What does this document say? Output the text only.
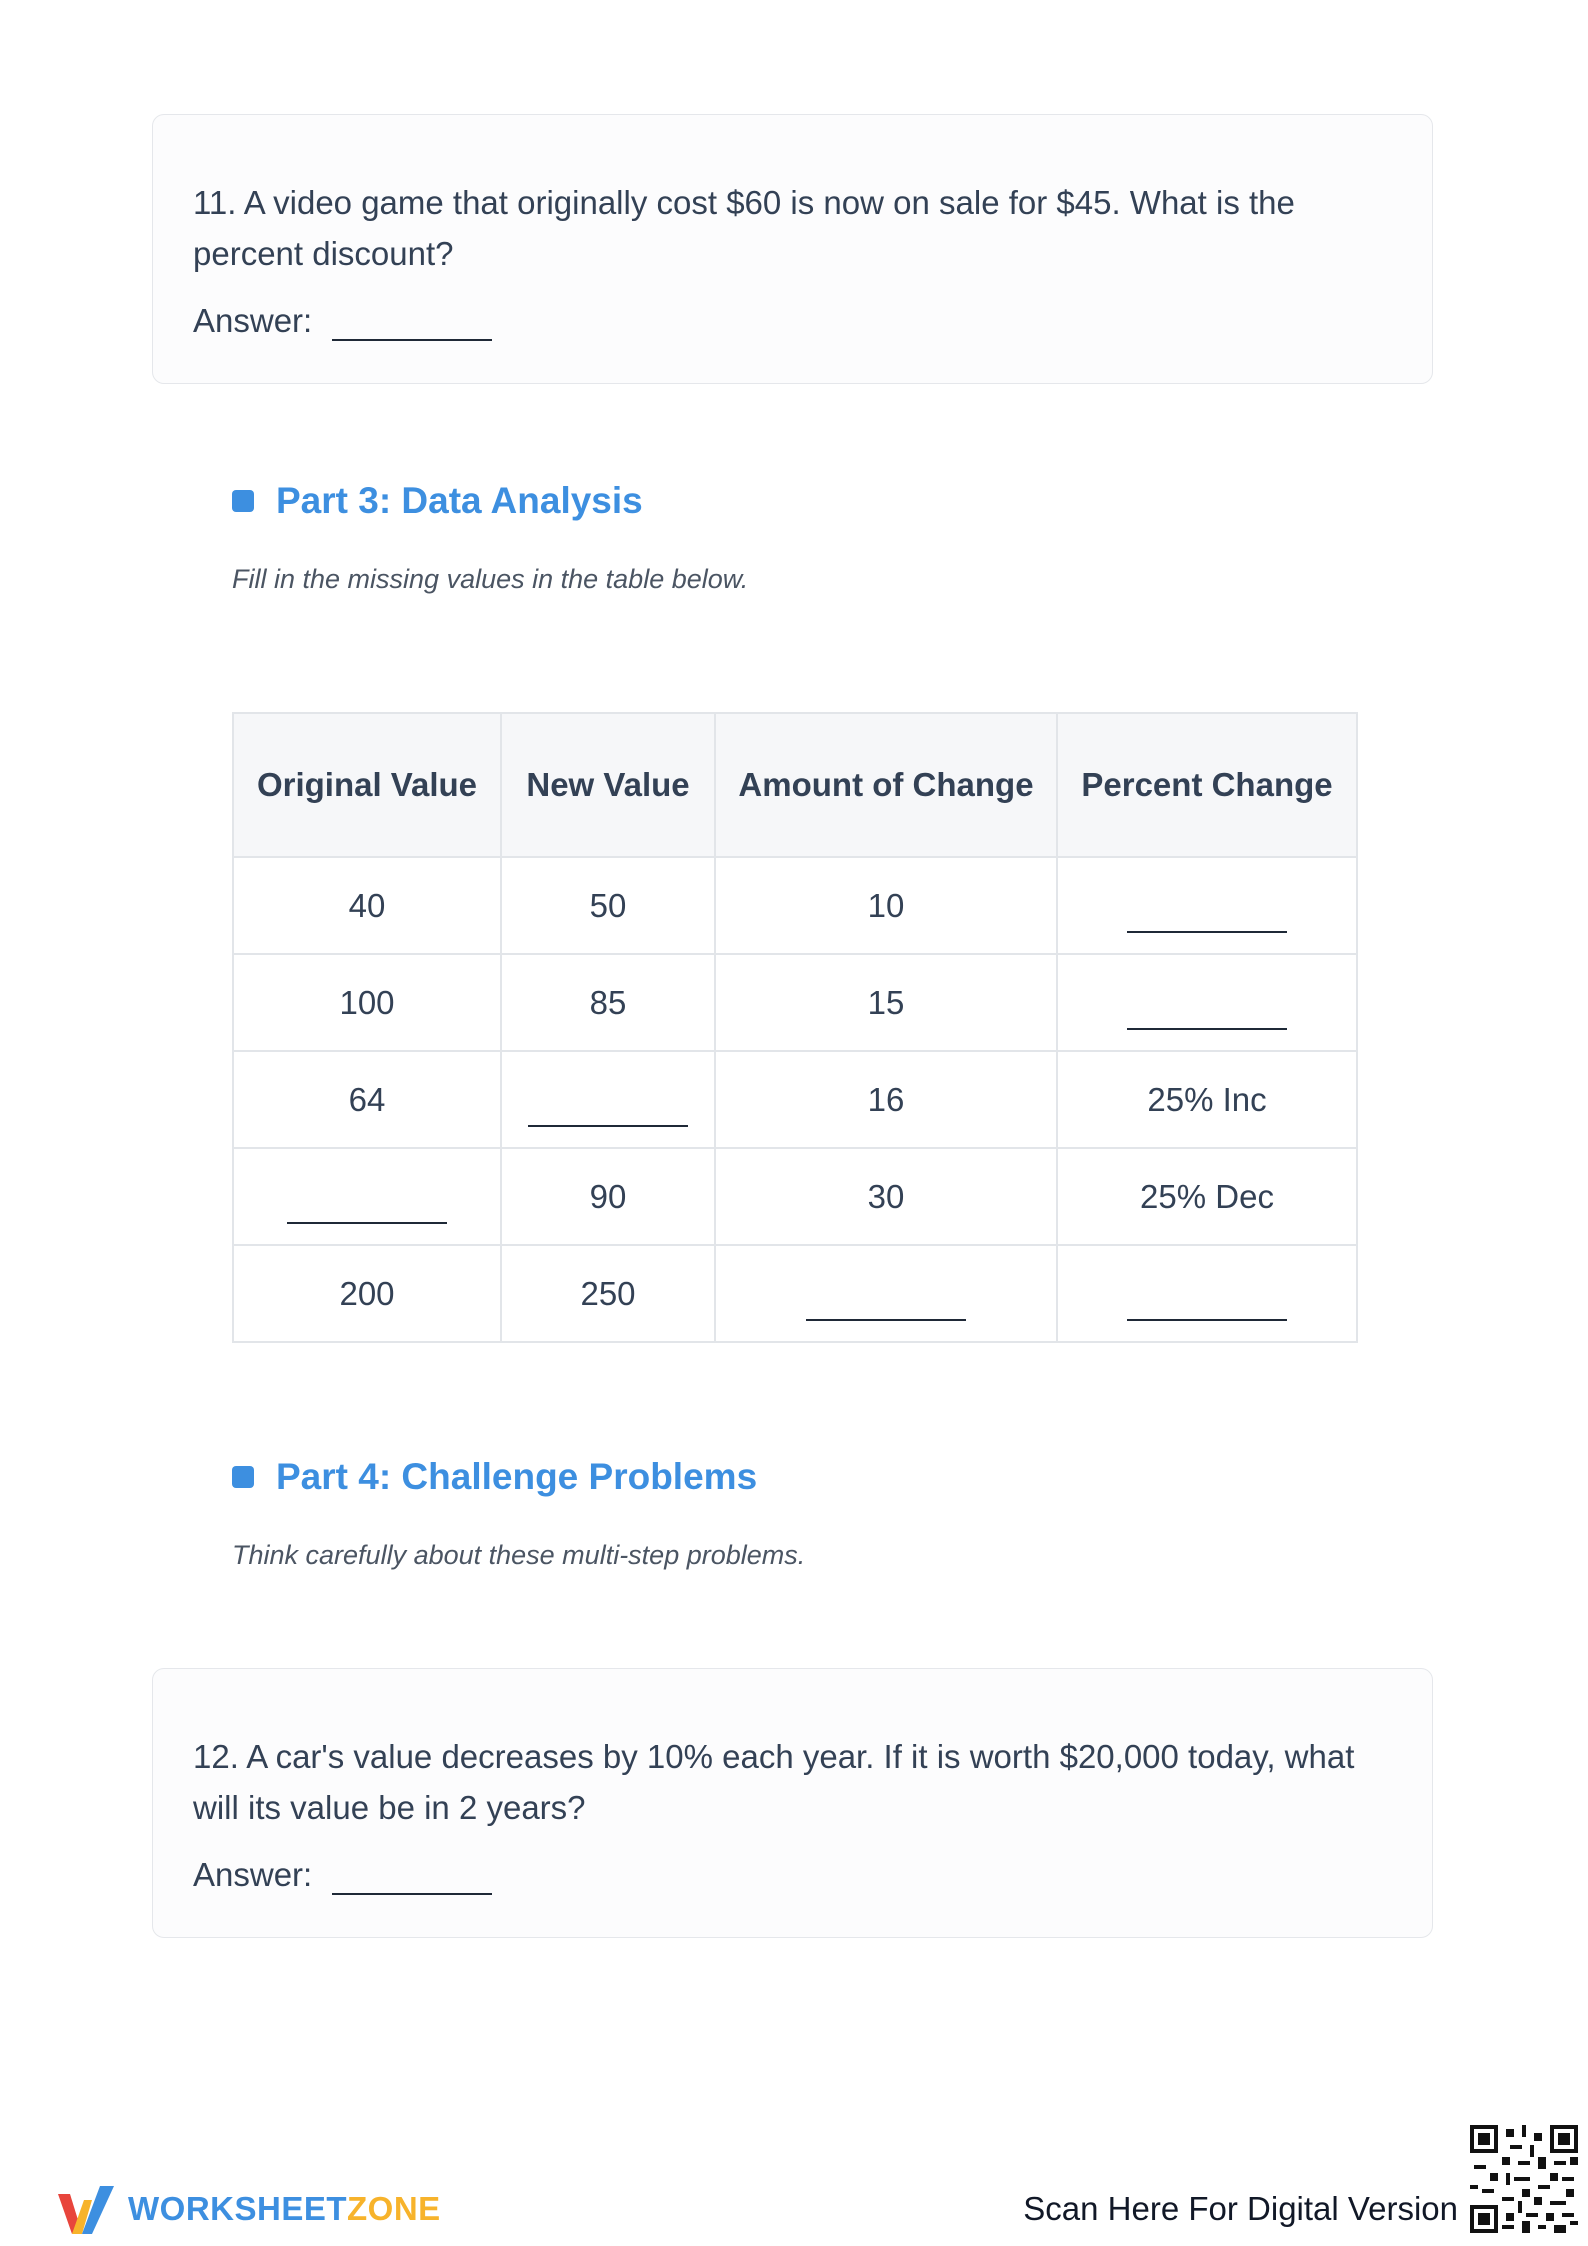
11. A video game that originally cost $60 is now on sale for $45. What is the percent discount?
Answer:
Part 3: Data Analysis
Fill in the missing values in the table below.
Original Value	New Value	Amount of Change	Percent Change
40	50	10	

100	85	15	

64		16	25% Inc

	90	30	25% Dec
200	250	

Part 4: Challenge Problems
Think carefully about these multi-step problems.
12. A car's value decreases by 10% each year. If it is worth $20,000 today, what will its value be in 2 years?
Answer:
WORKSHEET ZONE	Scan Here For Digital Version
